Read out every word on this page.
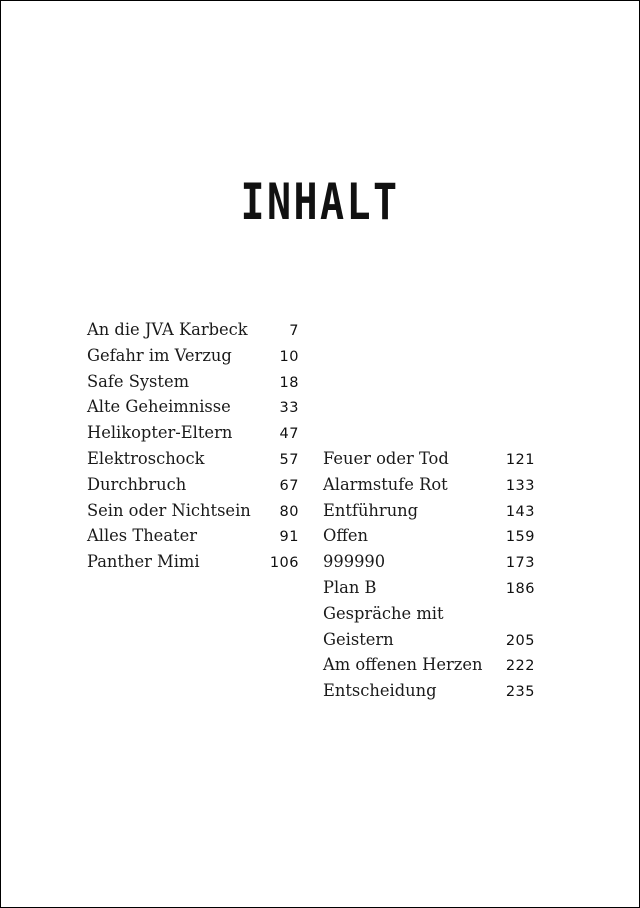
INHALT
An die JVA Karbeck	7
Gefahr im Verzug	10
Safe System	18
Alte Geheimnisse	33
Helikopter-Eltern	47
Elektroschock	57
Durchbruch	67
Sein oder Nichtsein 80
Alles Theater	91
Panther Mimi	106
Feuer oder Tod	121
Alarmstufe Rot	133
Entführung	143
Offen	159
999990	173
Plan B	186
Gespräche mit
Geistern	205
Am offenen Herzen 222
Entscheidung	235
